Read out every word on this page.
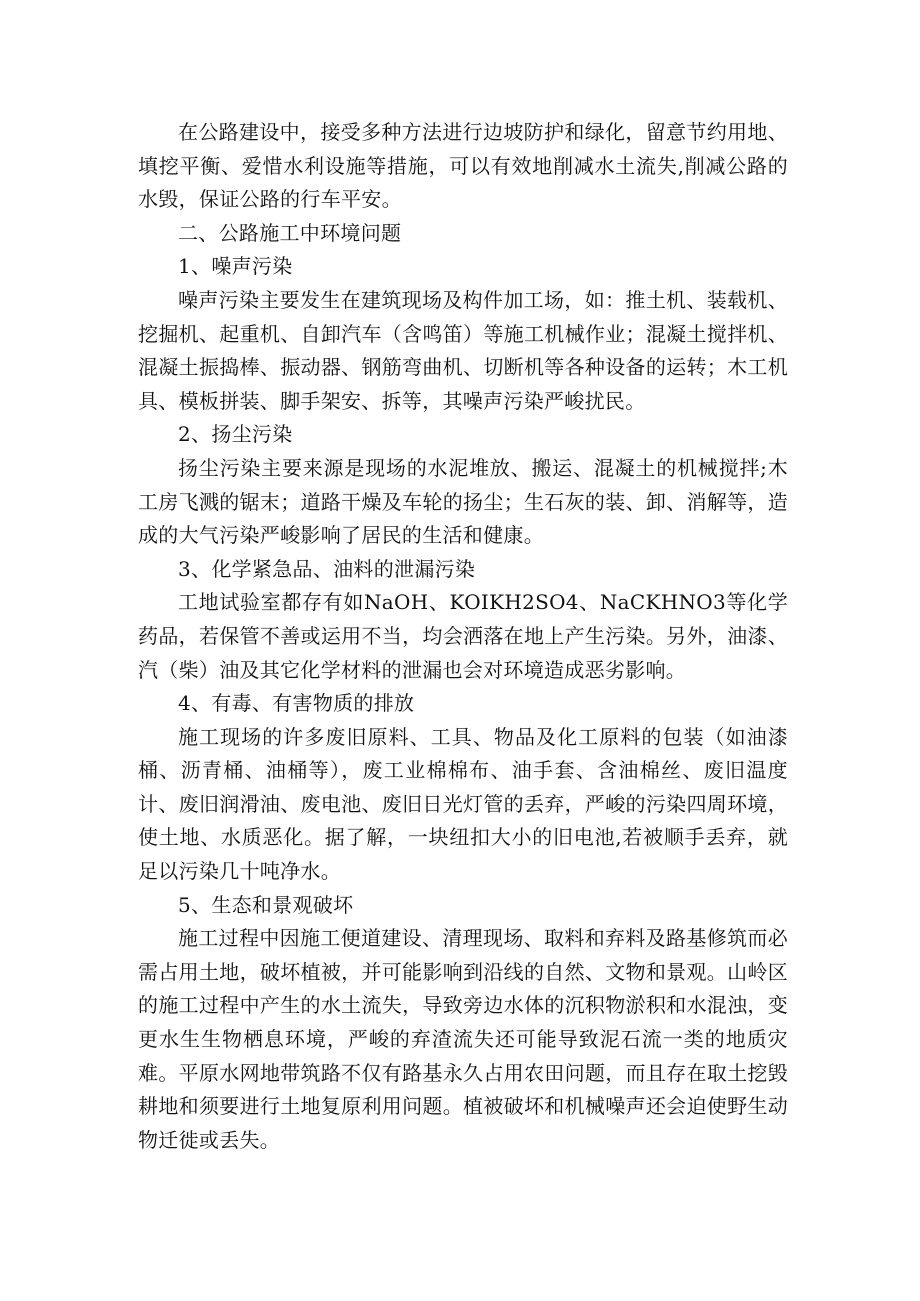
在公路建设中，接受多种方法进行边坡防护和绿化，留意节约用地、填挖平衡、爱惜水利设施等措施，可以有效地削减水土流失,削减公路的水毁，保证公路的行车平安。

二、公路施工中环境问题

1、噪声污染

噪声污染主要发生在建筑现场及构件加工场，如：推土机、装载机、挖掘机、起重机、自卸汽车（含鸣笛）等施工机械作业；混凝土搅拌机、混凝土振捣棒、振动器、钢筋弯曲机、切断机等各种设备的运转；木工机具、模板拼装、脚手架安、拆等，其噪声污染严峻扰民。

2、扬尘污染

扬尘污染主要来源是现场的水泥堆放、搬运、混凝土的机械搅拌;木工房飞溅的锯末；道路干燥及车轮的扬尘；生石灰的装、卸、消解等，造成的大气污染严峻影响了居民的生活和健康。

3、化学紧急品、油料的泄漏污染

工地试验室都存有如NaOH、KOIKH2SO4、NaCKHNO3等化学药品，若保管不善或运用不当，均会洒落在地上产生污染。另外，油漆、汽（柴）油及其它化学材料的泄漏也会对环境造成恶劣影响。

4、有毒、有害物质的排放

施工现场的许多废旧原料、工具、物品及化工原料的包装（如油漆桶、沥青桶、油桶等），废工业棉棉布、油手套、含油棉丝、废旧温度计、废旧润滑油、废电池、废旧日光灯管的丢弃，严峻的污染四周环境，使土地、水质恶化。据了解，一块纽扣大小的旧电池,若被顺手丢弃，就足以污染几十吨净水。

5、生态和景观破坏

施工过程中因施工便道建设、清理现场、取料和弃料及路基修筑而必需占用土地，破坏植被，并可能影响到沿线的自然、文物和景观。山岭区的施工过程中产生的水土流失，导致旁边水体的沉积物淤积和水混浊，变更水生生物栖息环境，严峻的弃渣流失还可能导致泥石流一类的地质灾难。平原水网地带筑路不仅有路基永久占用农田问题，而且存在取土挖毁耕地和须要进行土地复原利用问题。植被破坏和机械噪声还会迫使野生动物迁徙或丢失。
